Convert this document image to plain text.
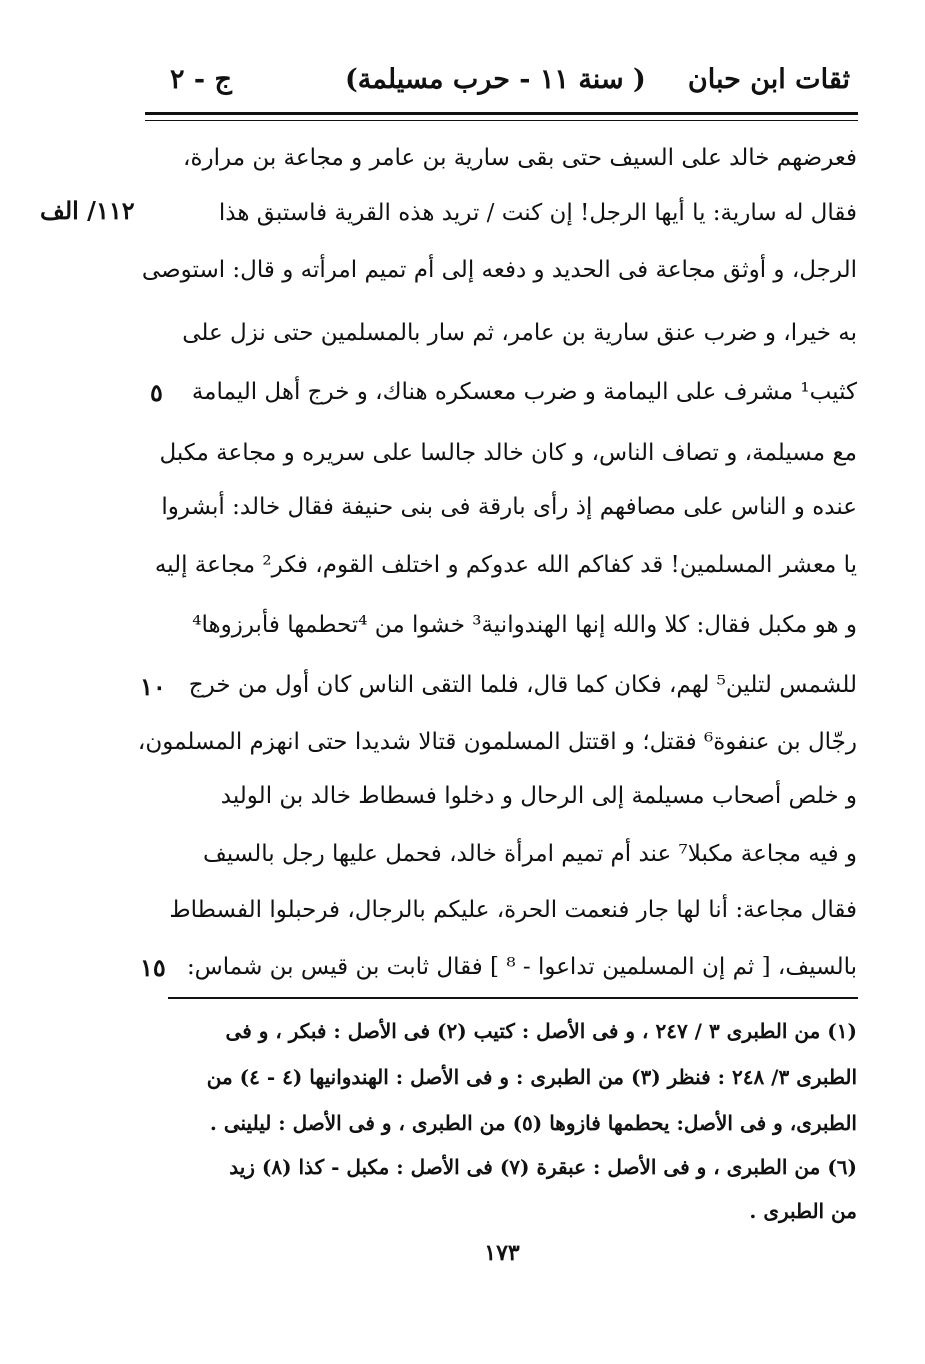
ثقات ابن حبان
( سنة ١١ - حرب مسيلمة)
ج - ٢
فعرضهم خالد على السيف حتى بقى سارية بن عامر و مجاعة بن مرارة،
فقال له سارية: يا أيها الرجل! إن كنت / تريد هذه القرية فاستبق هذا
الرجل، و أوثق مجاعة فى الحديد و دفعه إلى أم تميم امرأته و قال: استوصى
به خيرا، و ضرب عنق سارية بن عامر، ثم سار بالمسلمين حتى نزل على
كثيب¹ مشرف على اليمامة و ضرب معسكره هناك، و خرج أهل اليمامة
مع مسيلمة، و تصاف الناس، و كان خالد جالسا على سريره و مجاعة مكبل
عنده و الناس على مصافهم إذ رأى بارقة فى بنى حنيفة فقال خالد: أبشروا
يا معشر المسلمين! قد كفاكم الله عدوكم و اختلف القوم، فكر² مجاعة إليه
و هو مكبل فقال: كلا والله إنها الهندوانية³ خشوا من ⁴تحطمها فأبرزوها⁴
للشمس لتلين⁵ لهم، فكان كما قال، فلما التقى الناس كان أول من خرج
رجّال بن عنفوة⁶ فقتل؛ و اقتتل المسلمون قتالا شديدا حتى انهزم المسلمون،
و خلص أصحاب مسيلمة إلى الرحال و دخلوا فسطاط خالد بن الوليد
و فيه مجاعة مكبلا⁷ عند أم تميم امرأة خالد، فحمل عليها رجل بالسيف
فقال مجاعة: أنا لها جار فنعمت الحرة، عليكم بالرجال، فرحبلوا الفسطاط
بالسيف، [ ثم إن المسلمين تداعوا - ⁸ ] فقال ثابت بن قيس بن شماس:
١١٢/ الف
٥
١٠
١٥
(١) من الطبرى ٣ / ٢٤٧ ، و فى الأصل : كتيب (٢) فى الأصل : فبكر ، و فى
الطبرى ٣/ ٢٤٨ : فنظر (٣) من الطبرى : و فى الأصل : الهندوانيها (٤ - ٤) من
الطبرى، و فى الأصل: يحطمها فازوها (٥) من الطبرى ، و فى الأصل : ليلينى .
(٦) من الطبرى ، و فى الأصل : عبقرة (٧) فى الأصل : مكبل - كذا (٨) زيد
من الطبرى .
١٧٣
